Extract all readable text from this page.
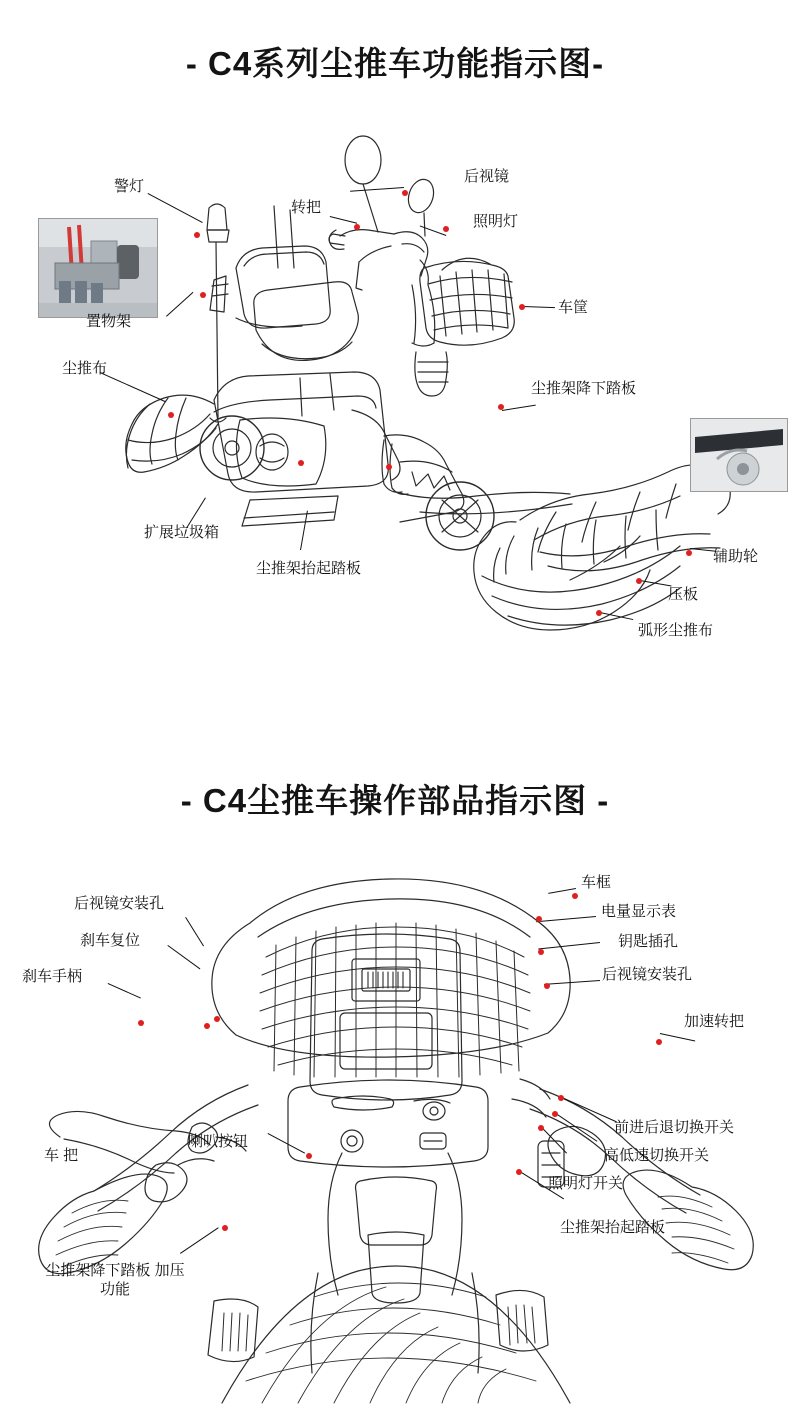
- C4系列尘推车功能指示图-
警灯
转把
后视镜
照明灯
车筐
置物架
尘推布
尘推架降下踏板
扩展垃圾箱
尘推架抬起踏板
辅助轮
压板
弧形尘推布
- C4尘推车操作部品指示图 -
后视镜安装孔
刹车复位
刹车手柄
车框
电量显示表
钥匙插孔
后视镜安装孔
加速转把
前进后退切换开关
高低速切换开关
照明灯开关
车 把
喇叭按钮
尘推架抬起踏板
尘推架降下踏板 加压功能
